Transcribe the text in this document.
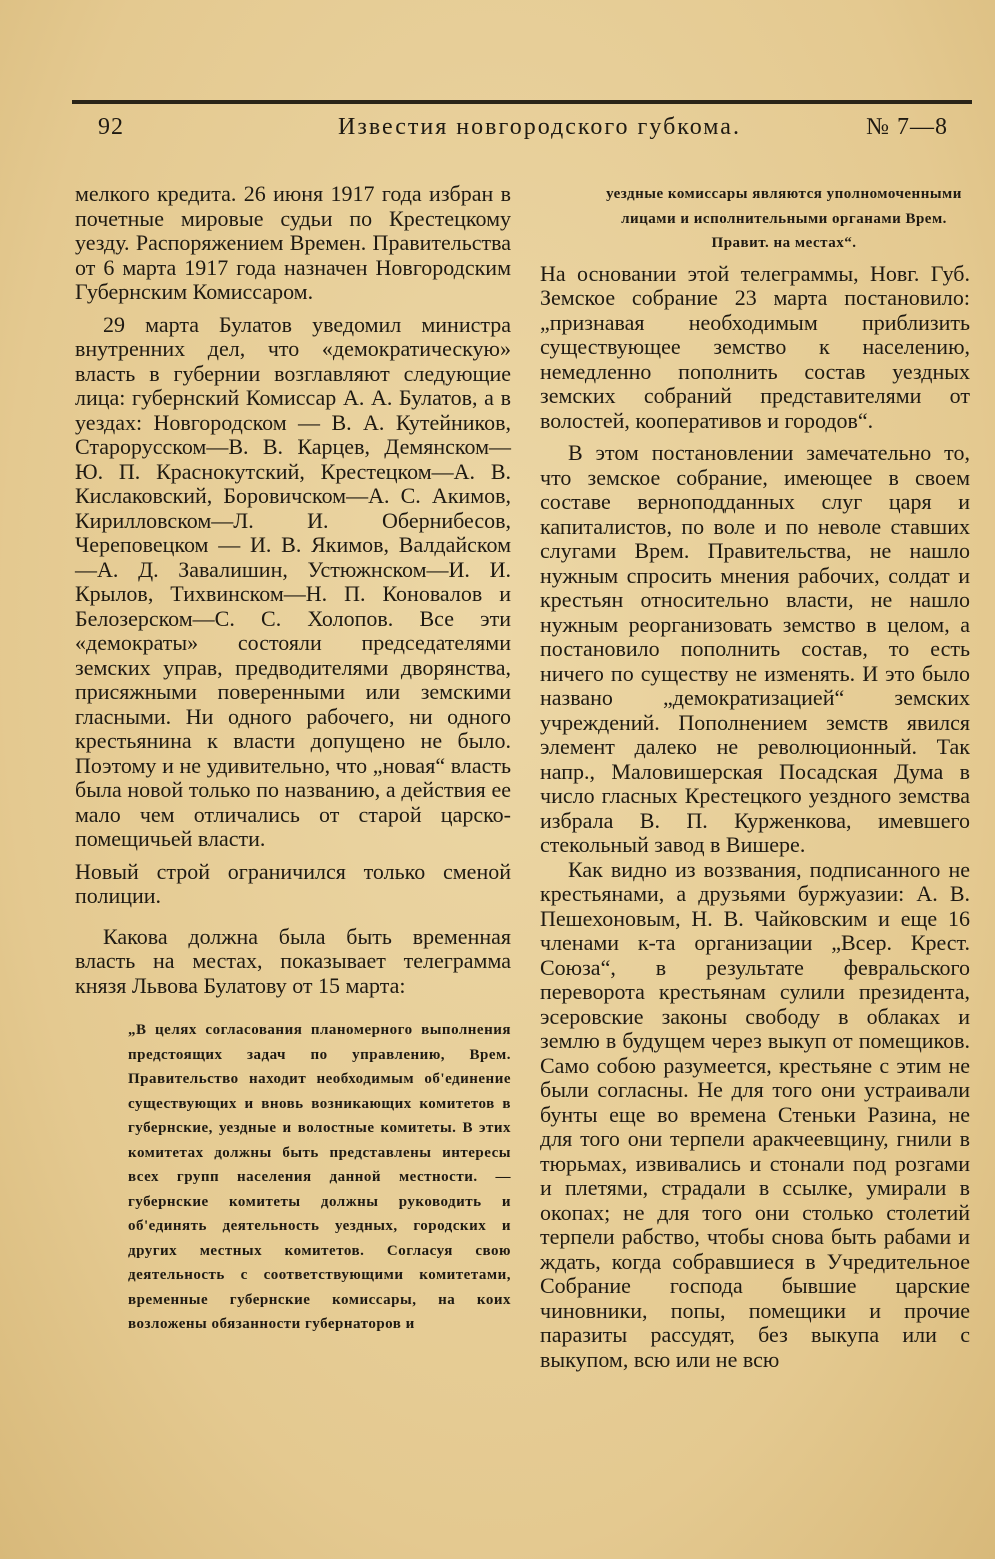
92	Известия новгородского губкома.	№ 7—8

мелкого кредита. 26 июня 1917 года избран в почетные мировые судьи по Крестецкому уезду. Распоряжением Времен. Правительства от 6 марта 1917 года назначен Новгородским Губернским Комиссаром.

29 марта Булатов уведомил министра внутренних дел, что «демократическую» власть в губернии возглавляют следующие лица: губернский Комиссар А. А. Булатов, а в уездах: Новгородском — В. А. Кутейников, Старорусском—В. В. Карцев, Демянском—Ю. П. Краснокутский, Крестецком—А. В. Кислаковский, Боровичском—А. С. Акимов, Кирилловском—Л. И. Обернибесов, Череповецком — И. В. Якимов, Валдайском—А. Д. Завалишин, Устюжнском—И. И. Крылов, Тихвинском—Н. П. Коновалов и Белозерском—С. С. Холопов. Все эти «демократы» состояли председателями земских управ, предводителями дворянства, присяжными поверенными или земскими гласными. Ни одного рабочего, ни одного крестьянина к власти допущено не было. Поэтому и не удивительно, что „новая“ власть была новой только по названию, а действия ее мало чем отличались от старой царско-помещичьей власти.

Новый строй ограничился только сменой полиции.

Какова должна была быть временная власть на местах, показывает телеграмма князя Львова Булатову от 15 марта:

„В целях согласования планомерного выполнения предстоящих задач по управлению, Врем. Правительство находит необходимым об'единение существующих и вновь возникающих комитетов в губернские, уездные и волостные комитеты. В этих комитетах должны быть представлены интересы всех групп населения данной местности. —губернские комитеты должны руководить и об'единять деятельность уездных, городских и других местных комитетов. Согласуя свою деятельность с соответствующими комитетами, временные губернские комиссары, на коих возложены обязанности губернаторов и
уездные комиссары являются уполномоченными лицами и исполнительными органами Врем. Правит. на местах“.

На основании этой телеграммы, Новг. Губ. Земское собрание 23 марта постановило: „признавая необходимым приблизить существующее земство к населению, немедленно пополнить состав уездных земских собраний представителями от волостей, кооперативов и городов“.

В этом постановлении замечательно то, что земское собрание, имеющее в своем составе верноподданных слуг царя и капиталистов, по воле и по неволе ставших слугами Врем. Правительства, не нашло нужным спросить мнения рабочих, солдат и крестьян относительно власти, не нашло нужным реорганизовать земство в целом, а постановило пополнить состав, то есть ничего по существу не изменять. И это было названо „демократизацией“ земских учреждений. Пополнением земств явился элемент далеко не революционный. Так напр., Маловишерская Посадская Дума в число гласных Крестецкого уездного земства избрала В. П. Курженкова, имевшего стекольный завод в Вишере.

Как видно из воззвания, подписанного не крестьянами, а друзьями буржуазии: А. В. Пешехоновым, Н. В. Чайковским и еще 16 членами к-та организации „Всер. Крест. Союза“, в результате февральского переворота крестьянам сулили президента, эсеровские законы свободу в облаках и землю в будущем через выкуп от помещиков. Само собою разумеется, крестьяне с этим не были согласны. Не для того они устраивали бунты еще во времена Стеньки Разина, не для того они терпели аракчеевщину, гнили в тюрьмах, извивались и стонали под розгами и плетями, страдали в ссылке, умирали в окопах; не для того они столько столетий терпели рабство, чтобы снова быть рабами и ждать, когда собравшиеся в Учредительное Собрание господа бывшие царские чиновники, попы, помещики и прочие паразиты рассудят, без выкупа или с выкупом, всю или не всю
